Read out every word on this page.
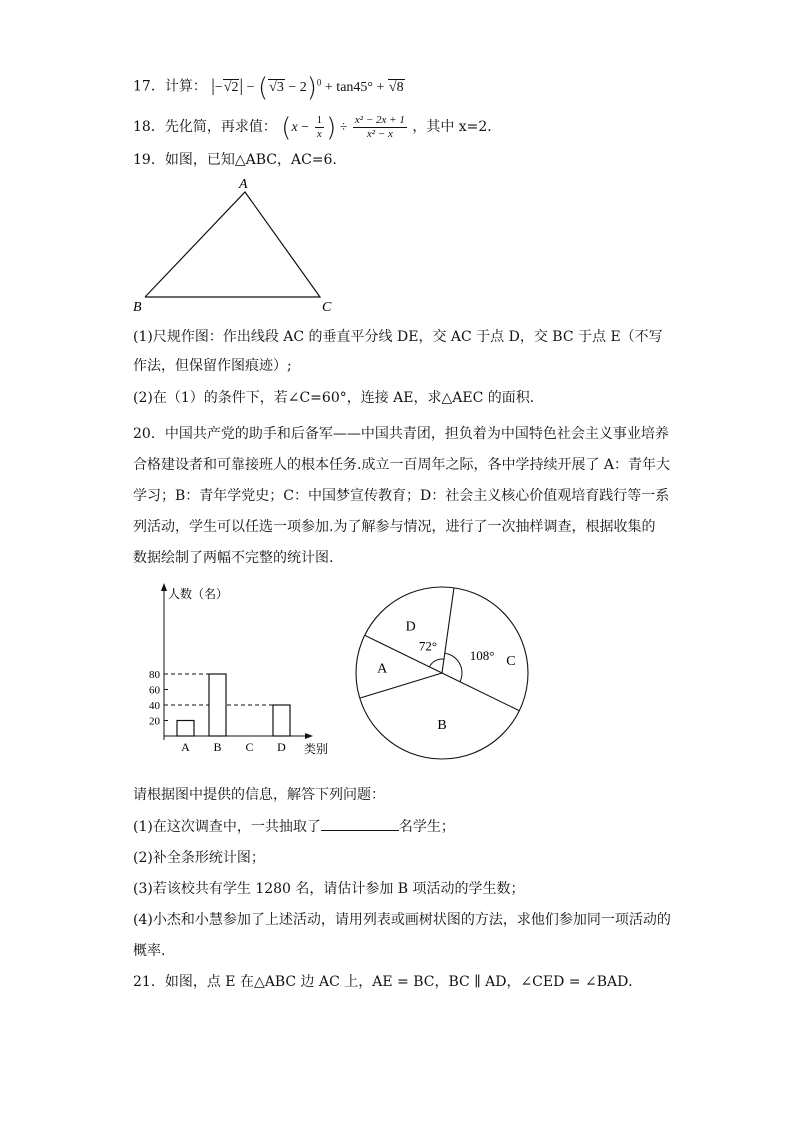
17．计算： $|-√2| - (√3 - 2)^0 + \tan 45^\circ + √8$
18．先化简，再求值： ($x - \frac{1}{x}$ ) ÷ $\frac{\text{x² − 2x + 1}}{\text{x² − x}}$ ，其中 x=2．
19．如图，已知△ABC，AC=6．
A
B	C
(1)尺规作图：作出线段 AC 的垂直平分线 DE，交 AC 于点 D，交 BC 于点 E（不写
作法，但保留作图痕迹）;
(2)在（1）的条件下，若∠C=60°，连接 AE，求△AEC 的面积．
20．中国共产党的助手和后备军——中国共青团，担负着为中国特色社会主义事业培养
合格建设者和可靠接班人的根本任务.成立一百周年之际，各中学持续开展了 A：青年大
学习；B：青年学党史；C：中国梦宣传教育；D：社会主义核心价值观培育践行等一系
列活动，学生可以任选一项参加.为了解参与情况，进行了一次抽样调查，根据收集的
数据绘制了两幅不完整的统计图.
人数（名）
类别
20
40
60
80
A B C D
72°
108°
D
C
B
A
请根据图中提供的信息，解答下列问题：
(1)在这次调查中，一共抽取了	名学生；
(2)补全条形统计图；
(3)若该校共有学生 1280 名，请估计参加 B 项活动的学生数；
(4)小杰和小慧参加了上述活动，请用列表或画树状图的方法，求他们参加同一项活动的
概率.
21．如图，点 E 在△ABC 边 AC 上，AE = BC，BC ∥ AD，∠CED = ∠BAD．
